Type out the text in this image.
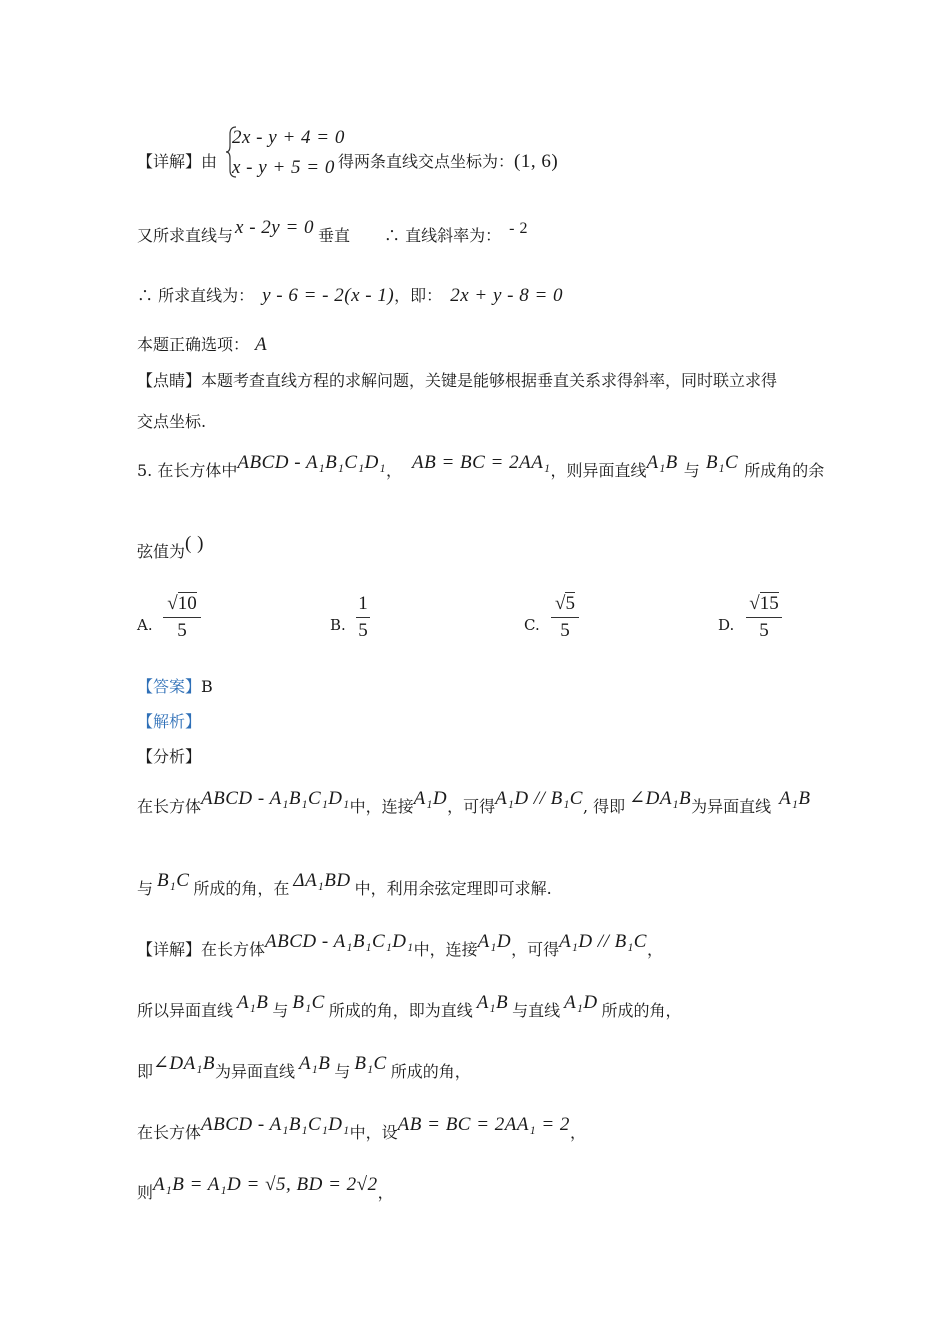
【详解】由
2x - y + 4 = 0
x - y + 5 = 0 得两条直线交点坐标为：(1, 6)
又所求直线与 x - 2y = 0 垂直 ∴ 直线斜率为： - 2
∴ 所求直线为： y - 6 = - 2(x - 1)，即： 2x + y - 8 = 0
本题正确选项： A
【点睛】本题考查直线方程的求解问题，关键是能够根据垂直关系求得斜率，同时联立求得
交点坐标.
5. 在长方体中ABCD - A₁B₁C₁D₁， AB = BC = 2AA₁，则异面直线A₁B 与 B₁C 所成角的余
弦值为( )
A.
√10
5	B.
1
5	C.
√5
5	D.
√15
5
【答案】B
【解析】
【分析】
在长方体ABCD - A₁B₁C₁D₁中，连接A₁D，可得A₁D // B₁C, 得即 ∠DA₁B为异面直线 A₁B
与 B₁C 所成的角，在 ΔA₁BD 中，利用余弦定理即可求解.
【详解】在长方体ABCD - A₁B₁C₁D₁中，连接A₁D，可得A₁D // B₁C，
所以异面直线 A₁B 与 B₁C 所成的角，即为直线 A₁B 与直线 A₁D 所成的角，
即∠DA₁B为异面直线 A₁B 与 B₁C 所成的角，
在长方体ABCD - A₁B₁C₁D₁中，设AB = BC = 2AA₁ = 2，
则A₁B = A₁D = √5, BD = 2√2，
